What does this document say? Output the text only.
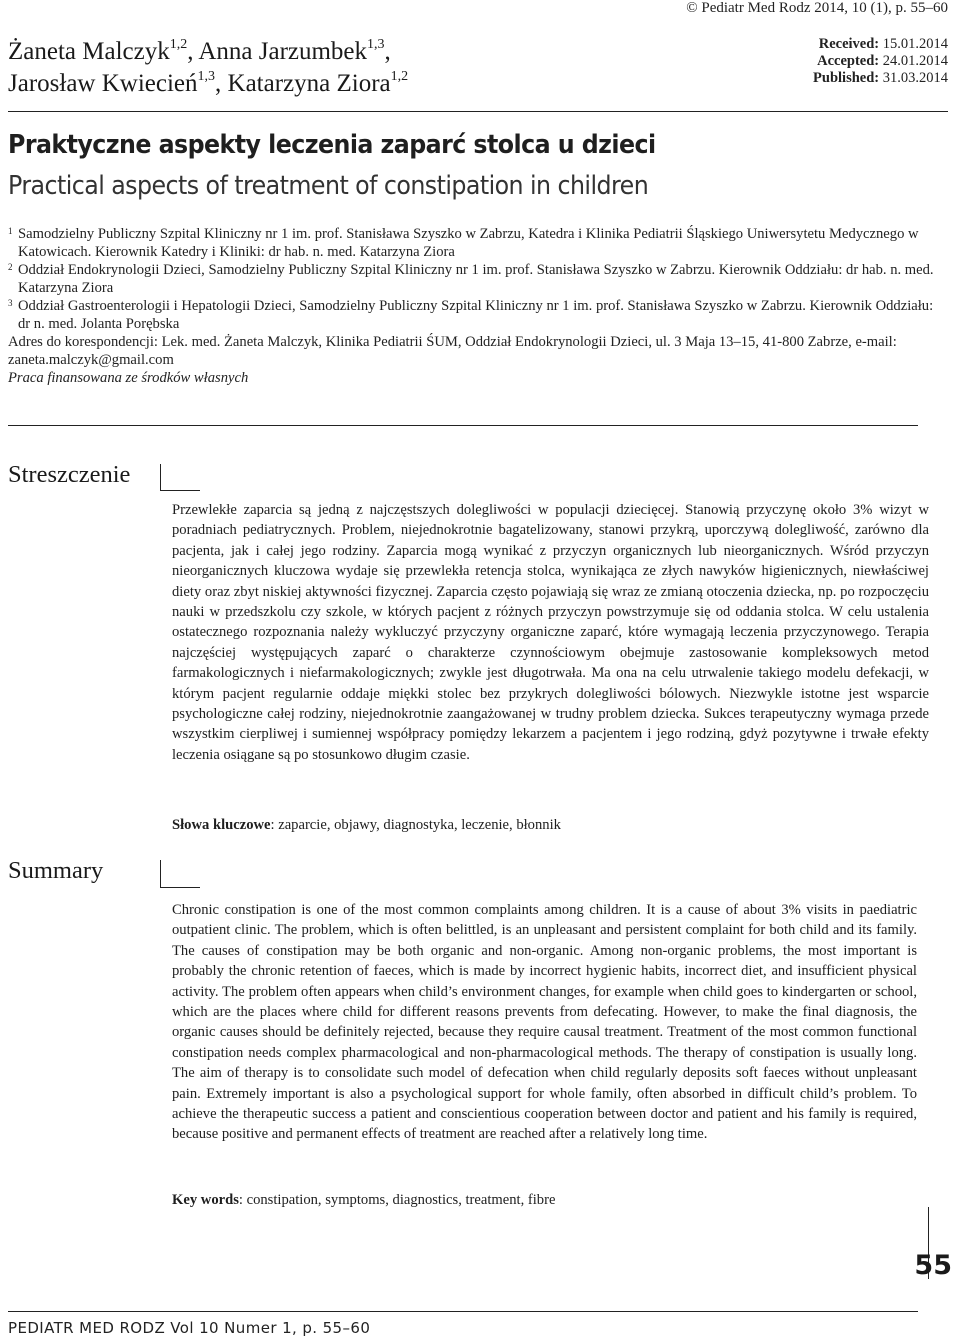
Żaneta Malczyk$^{1,2}$, Anna Jarzumbek$^{1,3}$,
Jarosław Kwiecień$^{1,3}$, Katarzyna Ziora$^{1,2}$
© Pediatr Med Rodz 2014, 10 (1), p. 55–60
Received: 15.01.2014
Accepted: 24.01.2014
Published: 31.03.2014
Praktyczne aspekty leczenia zaparć stolca u dzieci
Practical aspects of treatment of constipation in children
1 Samodzielny Publiczny Szpital Kliniczny nr 1 im. prof. Stanisława Szyszko w Zabrzu, Katedra i Klinika Pediatrii Śląskiego Uniwersytetu Medycznego w Katowicach. Kierownik Katedry i Kliniki: dr hab. n. med. Katarzyna Ziora
2 Oddział Endokrynologii Dzieci, Samodzielny Publiczny Szpital Kliniczny nr 1 im. prof. Stanisława Szyszko w Zabrzu. Kierownik Oddziału: dr hab. n. med. Katarzyna Ziora
3 Oddział Gastroenterologii i Hepatologii Dzieci, Samodzielny Publiczny Szpital Kliniczny nr 1 im. prof. Stanisława Szyszko w Zabrzu. Kierownik Oddziału: dr n. med. Jolanta Porębska
Adres do korespondencji: Lek. med. Żaneta Malczyk, Klinika Pediatrii ŚUM, Oddział Endokrynologii Dzieci, ul. 3 Maja 13–15, 41-800 Zabrze, e-mail: zaneta.malczyk@gmail.com
Praca finansowana ze środków własnych
Streszczenie
Przewlekłe zaparcia są jedną z najczęstszych dolegliwości w populacji dziecięcej. Stanowią przyczynę około 3% wizyt w poradniach pediatrycznych. Problem, niejednokrotnie bagatelizowany, stanowi przykrą, uporczywą dolegliwość, zarówno dla pacjenta, jak i całej jego rodziny. Zaparcia mogą wynikać z przyczyn organicznych lub nieorganicznych. Wśród przyczyn nieorganicznych kluczowa wydaje się przewlekła retencja stolca, wynikająca ze złych nawyków higienicznych, niewłaściwej diety oraz zbyt niskiej aktywności fizycznej. Zaparcia często pojawiają się wraz ze zmianą otoczenia dziecka, np. po rozpoczęciu nauki w przedszkolu czy szkole, w których pacjent z różnych przyczyn powstrzymuje się od oddania stolca. W celu ustalenia ostatecznego rozpoznania należy wykluczyć przyczyny organiczne zaparć, które wymagają leczenia przyczynowego. Terapia najczęściej występujących zaparć o charakterze czynnościowym obejmuje zastosowanie kompleksowych metod farmakologicznych i niefarmakologicznych; zwykle jest długotrwała. Ma ona na celu utrwalenie takiego modelu defekacji, w którym pacjent regularnie oddaje miękki stolec bez przykrych dolegliwości bólowych. Niezwykle istotne jest wsparcie psychologiczne całej rodziny, niejednokrotnie zaangażowanej w trudny problem dziecka. Sukces terapeutyczny wymaga przede wszystkim cierpliwej i sumiennej współpracy pomiędzy lekarzem a pacjentem i jego rodziną, gdyż pozytywne i trwałe efekty leczenia osiągane są po stosunkowo długim czasie.
Słowa kluczowe: zaparcie, objawy, diagnostyka, leczenie, błonnik
Summary
Chronic constipation is one of the most common complaints among children. It is a cause of about 3% visits in paediatric outpatient clinic. The problem, which is often belittled, is an unpleasant and persistent complaint for both child and its family. The causes of constipation may be both organic and non-organic. Among non-organic problems, the most important is probably the chronic retention of faeces, which is made by incorrect hygienic habits, incorrect diet, and insufficient physical activity. The problem often appears when child’s environment changes, for example when child goes to kindergarten or school, which are the places where child for different reasons prevents from defecating. However, to make the final diagnosis, the organic causes should be definitely rejected, because they require causal treatment. Treatment of the most common functional constipation needs complex pharmacological and non-pharmacological methods. The therapy of constipation is usually long. The aim of therapy is to consolidate such model of defecation when child regularly deposits soft faeces without unpleasant pain. Extremely important is also a psychological support for whole family, often absorbed in difficult child’s problem. To achieve the therapeutic success a patient and conscientious cooperation between doctor and patient and his family is required, because positive and permanent effects of treatment are reached after a relatively long time.
Key words: constipation, symptoms, diagnostics, treatment, fibre
55
PEDIATR MED RODZ Vol 10 Numer 1, p. 55–60
